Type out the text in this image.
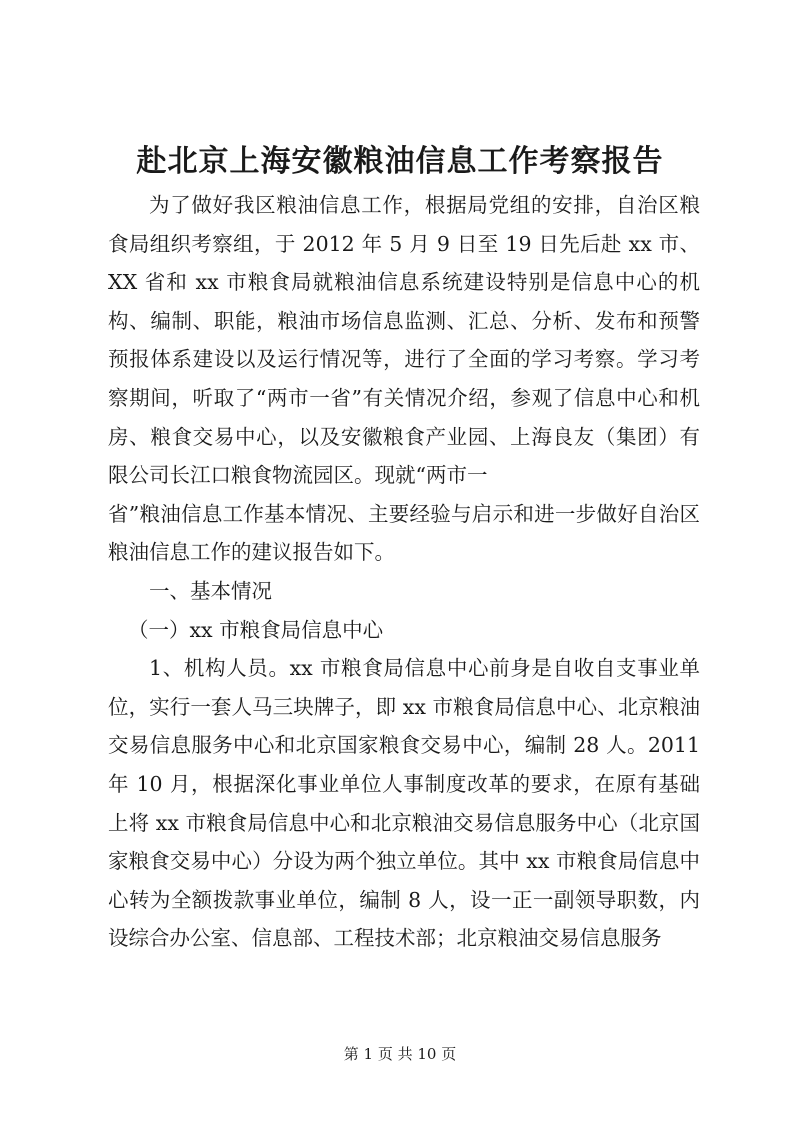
赴北京上海安徽粮油信息工作考察报告

为了做好我区粮油信息工作，根据局党组的安排，自治区粮食局组织考察组，于 2012 年 5 月 9 日至 19 日先后赴 xx 市、XX 省和 xx 市粮食局就粮油信息系统建设特别是信息中心的机构、编制、职能，粮油市场信息监测、汇总、分析、发布和预警预报体系建设以及运行情况等，进行了全面的学习考察。学习考察期间，听取了“两市一省”有关情况介绍，参观了信息中心和机房、粮食交易中心，以及安徽粮食产业园、上海良友（集团）有限公司长江口粮食物流园区。现就“两市一

省”粮油信息工作基本情况、主要经验与启示和进一步做好自治区粮油信息工作的建议报告如下。

一、基本情况

（一）xx 市粮食局信息中心

1、机构人员。xx 市粮食局信息中心前身是自收自支事业单位，实行一套人马三块牌子，即 xx 市粮食局信息中心、北京粮油交易信息服务中心和北京国家粮食交易中心，编制 28 人。2011 年 10 月，根据深化事业单位人事制度改革的要求，在原有基础上将 xx 市粮食局信息中心和北京粮油交易信息服务中心（北京国家粮食交易中心）分设为两个独立单位。其中 xx 市粮食局信息中心转为全额拨款事业单位，编制 8 人，设一正一副领导职数，内设综合办公室、信息部、工程技术部；北京粮油交易信息服务

第 1 页 共 10 页
